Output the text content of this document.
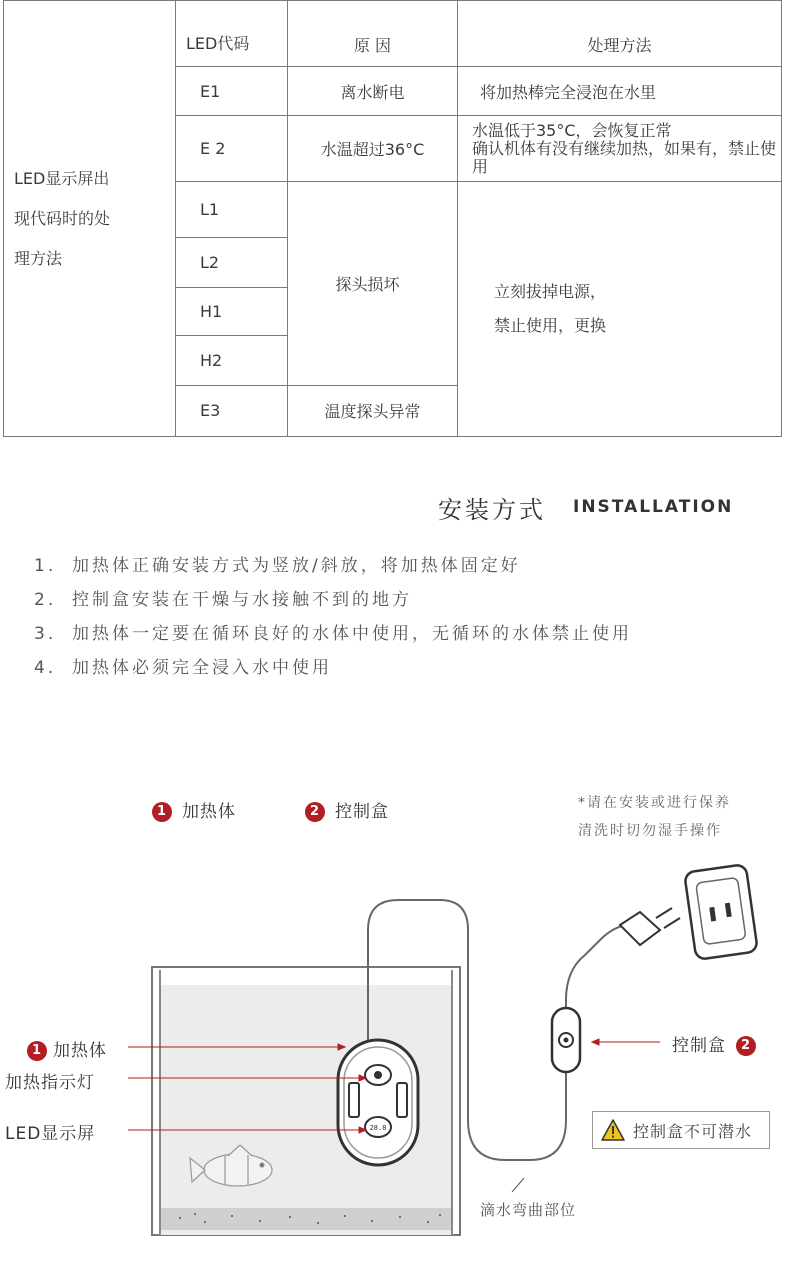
LED显示屏出
现代码时的处
理方法	LED代码	原 因	处理方法
	E1	离水断电	将加热棒完全浸泡在水里
	E 2	水温超过36°C	水温低于35°C，会恢复正常
确认机体有没有继续加热，如果有，禁止使用

	L1	探头损坏	立刻拔掉电源，
禁止使用，更换

	L2		
	H1		
	H2		
	E3	温度探头异常	
安装方式 INSTALLATION
1. 加热体正确安装方式为竖放/斜放，将加热体固定好
2. 控制盒安装在干燥与水接触不到的地方
3. 加热体一定要在循环良好的水体中使用，无循环的水体禁止使用
4. 加热体必须完全浸入水中使用
1 加热体	2 控制盒	*请在安装或进行保养
清洗时切勿湿手操作
28.8
1 加热体
加热指示灯
LED显示屏
控制盒 2
滴水弯曲部位
控制盒不可潜水
